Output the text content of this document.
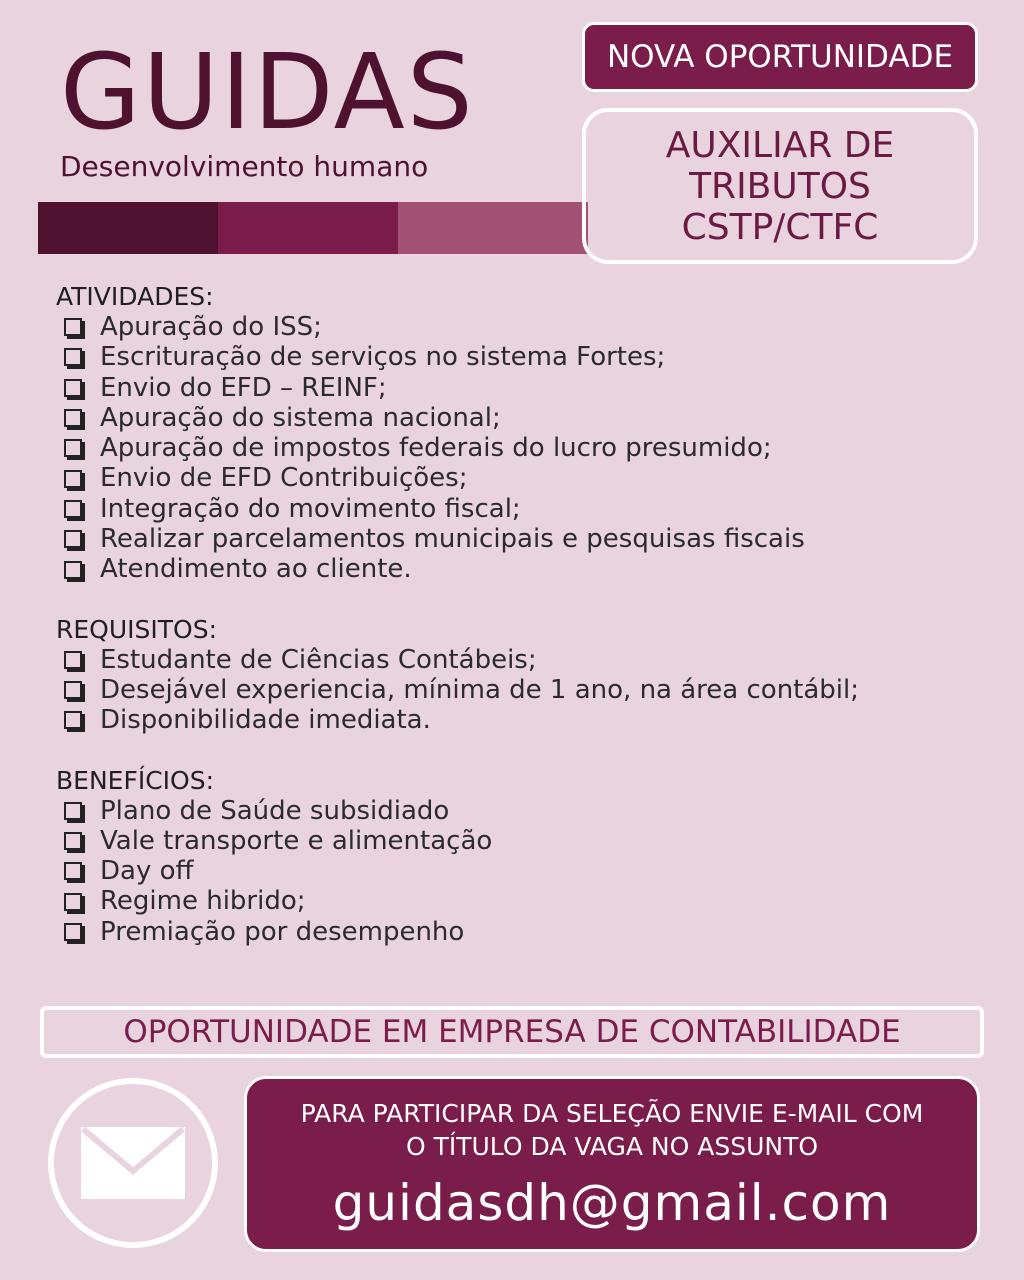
GUIDAS
Desenvolvimento humano
NOVA OPORTUNIDADE
AUXILIAR DE
TRIBUTOS
CSTP/CTFC
ATIVIDADES:
Apuração do ISS;
Escrituração de serviços no sistema Fortes;
Envio do EFD – REINF;
Apuração do sistema nacional;
Apuração de impostos federais do lucro presumido;
Envio de EFD Contribuições;
Integração do movimento fiscal;
Realizar parcelamentos municipais e pesquisas fiscais
Atendimento ao cliente.
REQUISITOS:
Estudante de Ciências Contábeis;
Desejável experiencia, mínima de 1 ano, na área contábil;
Disponibilidade imediata.
BENEFÍCIOS:
Plano de Saúde subsidiado
Vale transporte e alimentação
Day off
Regime hibrido;
Premiação por desempenho
OPORTUNIDADE EM EMPRESA DE CONTABILIDADE
PARA PARTICIPAR DA SELEÇÃO ENVIE E-MAIL COM
O TÍTULO DA VAGA NO ASSUNTO
guidasdh@gmail.com
